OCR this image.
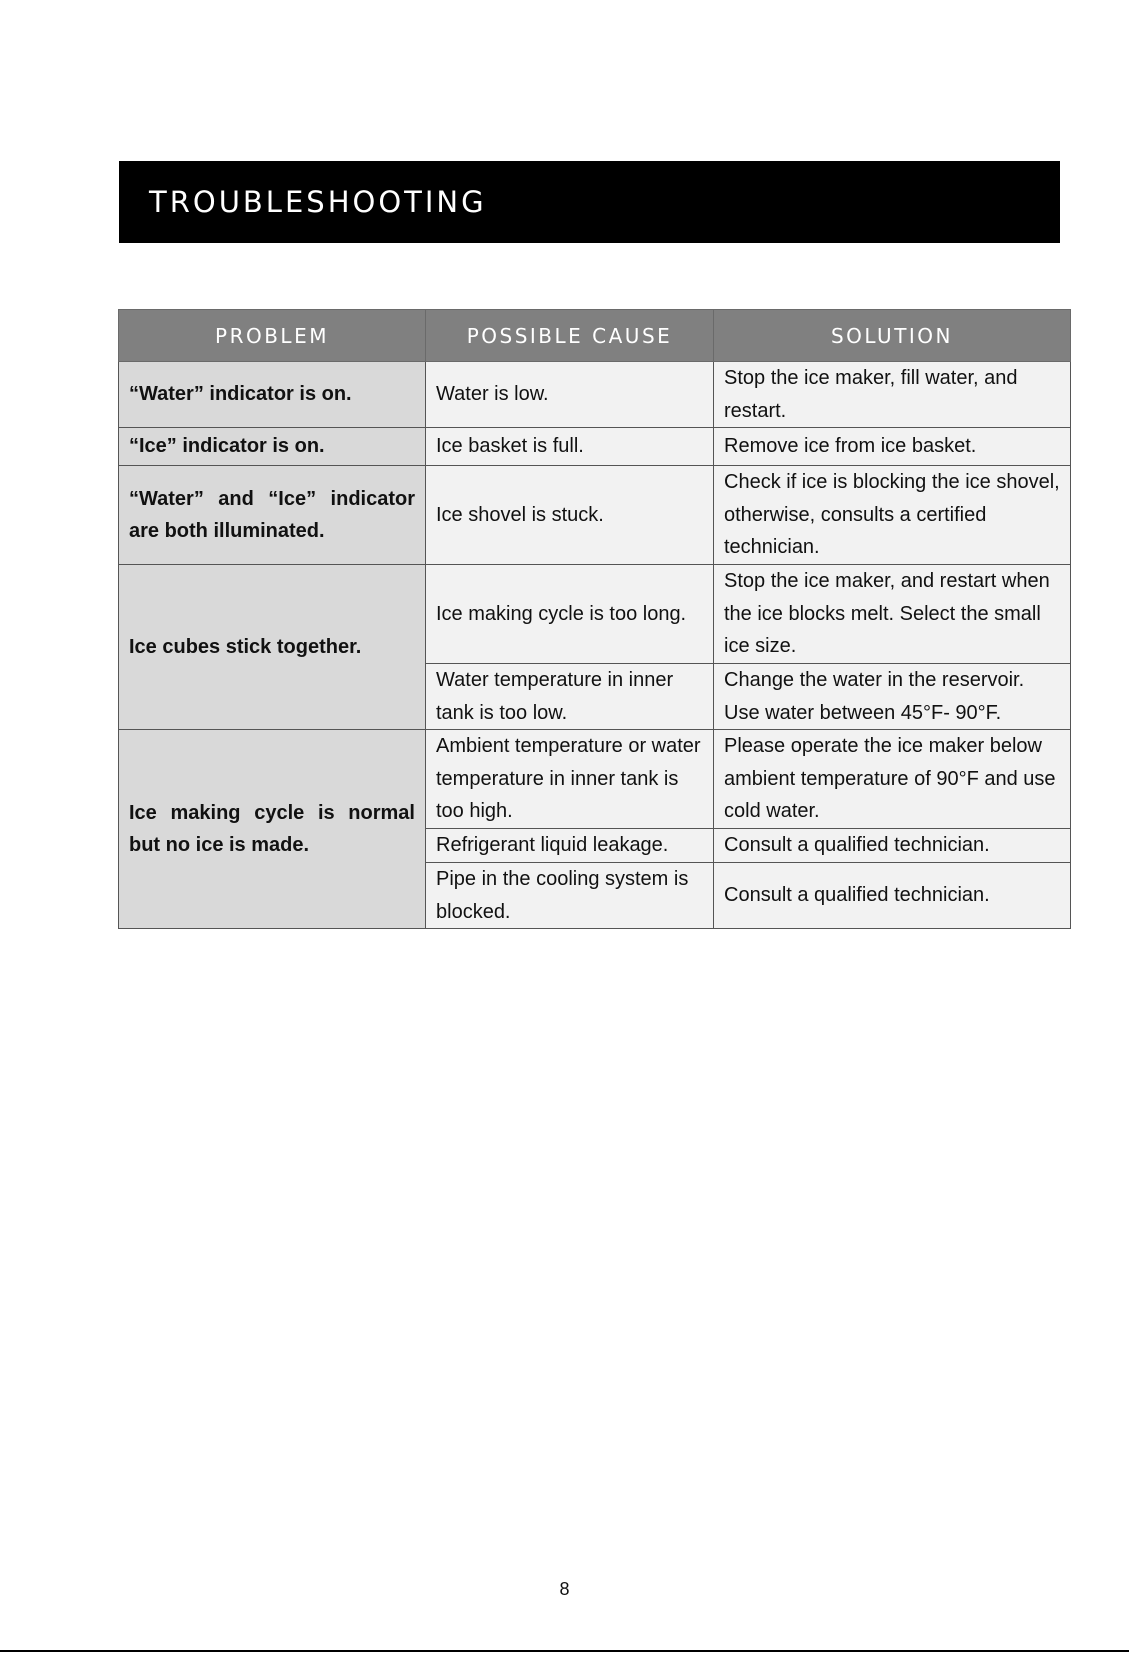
TROUBLESHOOTING
PROBLEM	POSSIBLE CAUSE	SOLUTION
“Water” indicator is on.	Water is low.	Stop the ice maker, fill water, and restart.
“Ice” indicator is on.	Ice basket is full.	Remove ice from ice basket.
“Water” and “Ice” indicator are both illuminated.	Ice shovel is stuck.	Check if ice is blocking the ice shovel, otherwise, consults a certified technician.
Ice cubes stick together.	Ice making cycle is too long.	Stop the ice maker, and restart when the ice blocks melt. Select the small ice size.
	Water temperature in inner tank is too low.	Change the water in the reservoir. Use water between 45°F- 90°F.
Ice making cycle is normal but no ice is made.	Ambient temperature or water temperature in inner tank is too high.	Please operate the ice maker below ambient temperature of 90°F and use cold water.
	Refrigerant liquid leakage.	Consult a qualified technician.
	Pipe in the cooling system is blocked.	Consult a qualified technician.
8
